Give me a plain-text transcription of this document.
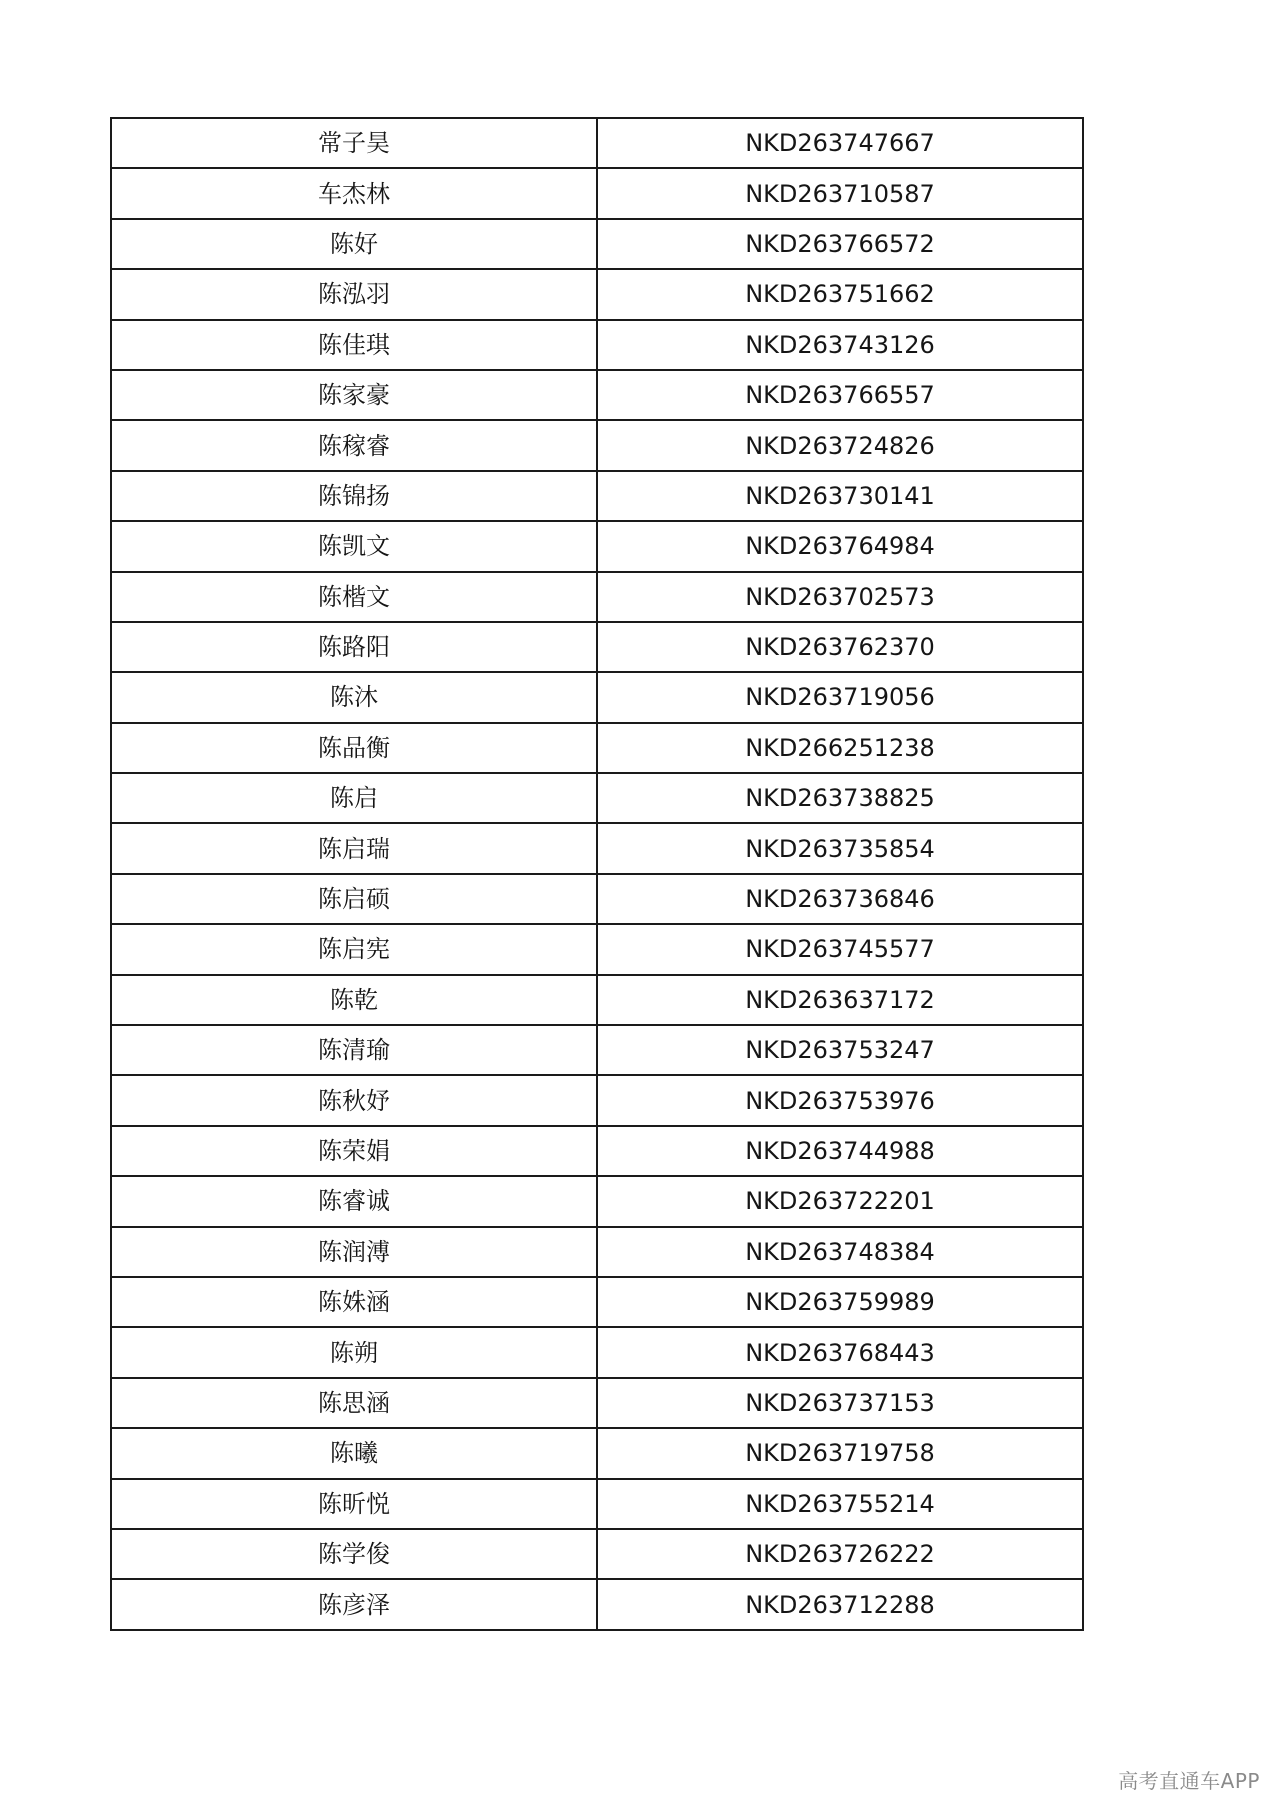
常子昊	NKD263747667
车杰林	NKD263710587
陈好	NKD263766572
陈泓羽	NKD263751662
陈佳琪	NKD263743126
陈家豪	NKD263766557
陈稼睿	NKD263724826
陈锦扬	NKD263730141
陈凯文	NKD263764984
陈楷文	NKD263702573
陈路阳	NKD263762370
陈沐	NKD263719056
陈品衡	NKD266251238
陈启	NKD263738825
陈启瑞	NKD263735854
陈启硕	NKD263736846
陈启宪	NKD263745577
陈乾	NKD263637172
陈清瑜	NKD263753247
陈秋妤	NKD263753976
陈荣娟	NKD263744988
陈睿诚	NKD263722201
陈润溥	NKD263748384
陈姝涵	NKD263759989
陈朔	NKD263768443
陈思涵	NKD263737153
陈曦	NKD263719758
陈昕悦	NKD263755214
陈学俊	NKD263726222
陈彦泽	NKD263712288
高考直通车APP
